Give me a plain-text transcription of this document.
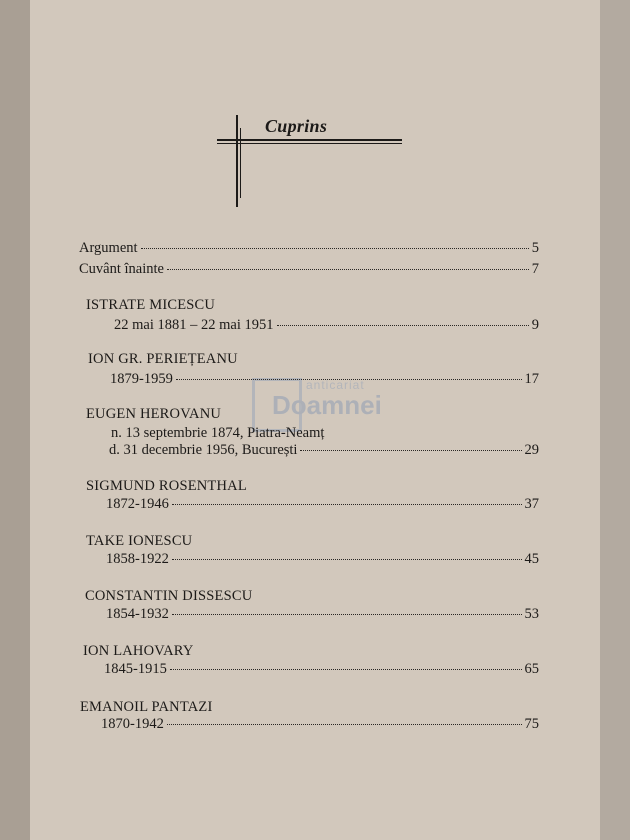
Cuprins
anticariat
Doamnei
Argument	5
Cuvânt înainte	7
ISTRATE MICESCU
22 mai 1881 – 22 mai 1951	9
ION GR. PERIEȚEANU
1879-1959	17
EUGEN HEROVANU
n. 13 septembrie 1874, Piatra-Neamț
d. 31 decembrie 1956, București	29
SIGMUND ROSENTHAL
1872-1946	37
TAKE IONESCU
1858-1922	45
CONSTANTIN DISSESCU
1854-1932	53
ION LAHOVARY
1845-1915	65
EMANOIL PANTAZI
1870-1942	75
